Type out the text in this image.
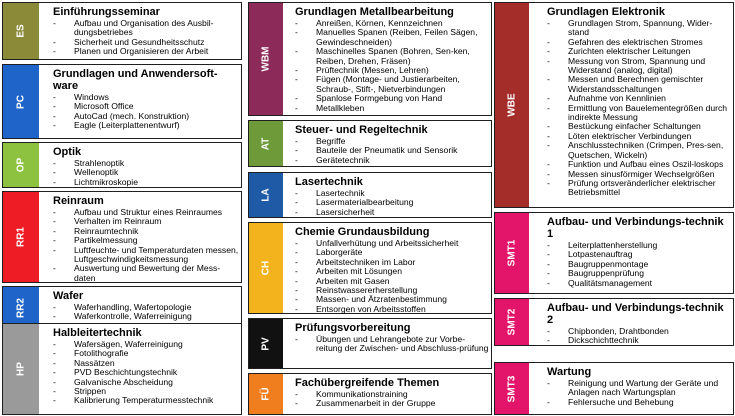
ES
Einführungsseminar
- Aufbau und Organisation des Ausbil-dungsbetriebes
- Sicherheit und Gesundheitsschutz
- Planen und Organisieren der Arbeit
PC
Grundlagen und Anwendersoft-ware
- Windows
- Microsoft Office
- AutoCad (mech. Konstruktion)
- Eagle (Leiterplattenentwurf)
OP
Optik
- Strahlenoptik
- Wellenoptik
- Lichtmikroskopie
RR1
Reinraum
- Aufbau und Struktur eines Reinraumes
- Verhalten im Reinraum
- Reinraumtechnik
- Partikelmessung
- Luftfeuchte- und Temperaturdaten messen, Luftgeschwindigkeitsmessung
- Auswertung und Bewertung der Mess-daten
RR2
Wafer
- Waferhandling, Wafertopologie
- Waferkontrolle, Waferreinigung
HP
Halbleitertechnik
- Wafersägen, Waferreinigung
- Fotolithografie
- Nassätzen
- PVD Beschichtungstechnik
- Galvanische Abscheidung
- Strippen
- Kalibrierung Temperaturmesstechnik
WBM
Grundlagen Metallbearbeitung
- Anreißen, Körnen, Kennzeichnen
- Manuelles Spanen (Reiben, Feilen Sägen, Gewindeschneiden)
- Maschinelles Spanen (Bohren, Sen-ken, Reiben, Drehen, Fräsen)
- Prüftechnik (Messen, Lehren)
- Fügen (Montage- und Justierarbeiten, Schraub-, Stift-, Nietverbindungen
- Spanlose Formgebung von Hand
- Metallkleben
AT
Steuer- und Regeltechnik
- Begriffe
- Bauteile der Pneumatik und Sensorik
- Gerätetechnik
LA
Lasertechnik
- Lasertechnik
- Lasermaterialbearbeitung
- Lasersicherheit
CH
Chemie Grundausbildung
- Unfallverhütung und Arbeitssicherheit
- Laborgeräte
- Arbeitstechniken im Labor
- Arbeiten mit Lösungen
- Arbeiten mit Gasen
- Reinstwassererherstellung
- Massen- und Ätzratenbestimmung
- Entsorgen von Arbeitsstoffen
PV
Prüfungsvorbereitung
- Übungen und Lehrangebote zur Vorbe-reitung der Zwischen- und Abschluss-prüfung
FÜ
Fachübergreifende Themen
- Kommunikationstraining
- Zusammenarbeit in der Gruppe
WBE
Grundlagen Elektronik
- Grundlagen Strom, Spannung, Wider-stand
- Gefahren des elektrischen Stromes
- Zurichten elektrischer Leitungen
- Messung von Strom, Spannung und Widerstand (analog, digital)
- Messen und Berechnen gemischter Widerstandsschaltungen
- Aufnahme von Kennlinien
- Ermittlung von Bauelementegrößen durch indirekte Messung
- Bestückung einfacher Schaltungen
- Löten elektrischer Verbindungen
- Anschlusstechniken (Crimpen, Pres-sen, Quetschen, Wickeln)
- Funktion und Aufbau eines Oszil-loskops
- Messen sinusförmiger Wechselgrößen
- Prüfung ortsveränderlicher elektrischer Betriebsmittel
SMT1
Aufbau- und Verbindungs-technik 1
- Leiterplattenherstellung
- Lotpastenauftrag
- Baugruppenmontage
- Baugruppenprüfung
- Qualitätsmanagement
SMT2
Aufbau- und Verbindungs-technik 2
- Chipbonden, Drahtbonden
- Dickschichttechnik
SMT3
Wartung
- Reinigung und Wartung der Geräte und Anlagen nach Wartungsplan
- Fehlersuche und Behebung
